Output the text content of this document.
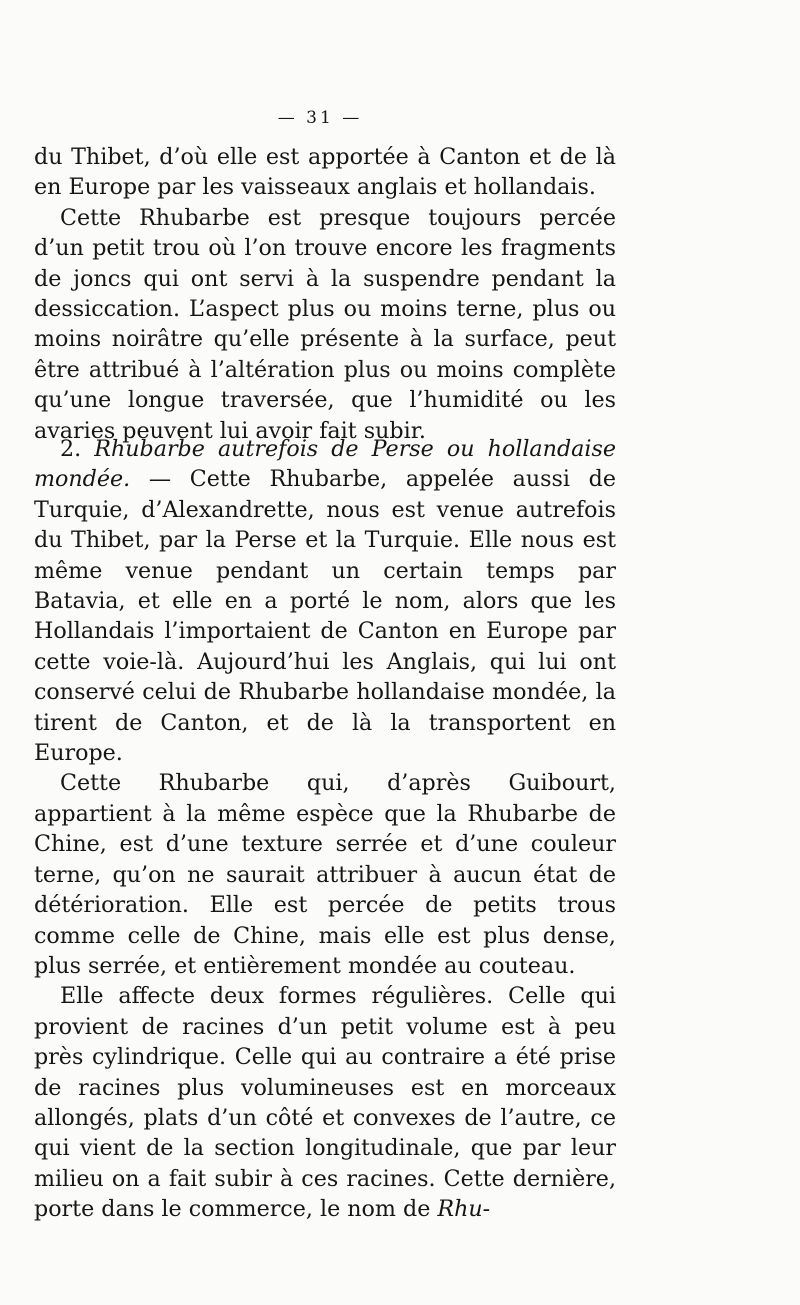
— 31 —

du Thibet, d’où elle est apportée à Canton et de là en Europe par les vaisseaux anglais et hollandais.

Cette Rhubarbe est presque toujours percée d’un petit trou où l’on trouve encore les fragments de joncs qui ont servi à la suspendre pendant la dessiccation. L’aspect plus ou moins terne, plus ou moins noirâtre qu’elle présente à la surface, peut être attribué à l’altération plus ou moins complète qu’une longue traversée, que l’humidité ou les avaries peuvent lui avoir fait subir.

2. Rhubarbe autrefois de Perse ou hollandaise mondée. — Cette Rhubarbe, appelée aussi de Turquie, d’Alexandrette, nous est venue autrefois du Thibet, par la Perse et la Turquie. Elle nous est même venue pendant un certain temps par Batavia, et elle en a porté le nom, alors que les Hollandais l’importaient de Canton en Europe par cette voie-là. Aujourd’hui les Anglais, qui lui ont conservé celui de Rhubarbe hollandaise mondée, la tirent de Canton, et de là la transportent en Europe.

Cette Rhubarbe qui, d’après Guibourt, appartient à la même espèce que la Rhubarbe de Chine, est d’une texture serrée et d’une couleur terne, qu’on ne saurait attribuer à aucun état de détérioration. Elle est percée de petits trous comme celle de Chine, mais elle est plus dense, plus serrée, et entièrement mondée au couteau.

Elle affecte deux formes régulières. Celle qui provient de racines d’un petit volume est à peu près cylindrique. Celle qui au contraire a été prise de racines plus volumineuses est en morceaux allongés, plats d’un côté et convexes de l’autre, ce qui vient de la section longitudinale, que par leur milieu on a fait subir à ces racines. Cette dernière, porte dans le commerce, le nom de Rhu-
